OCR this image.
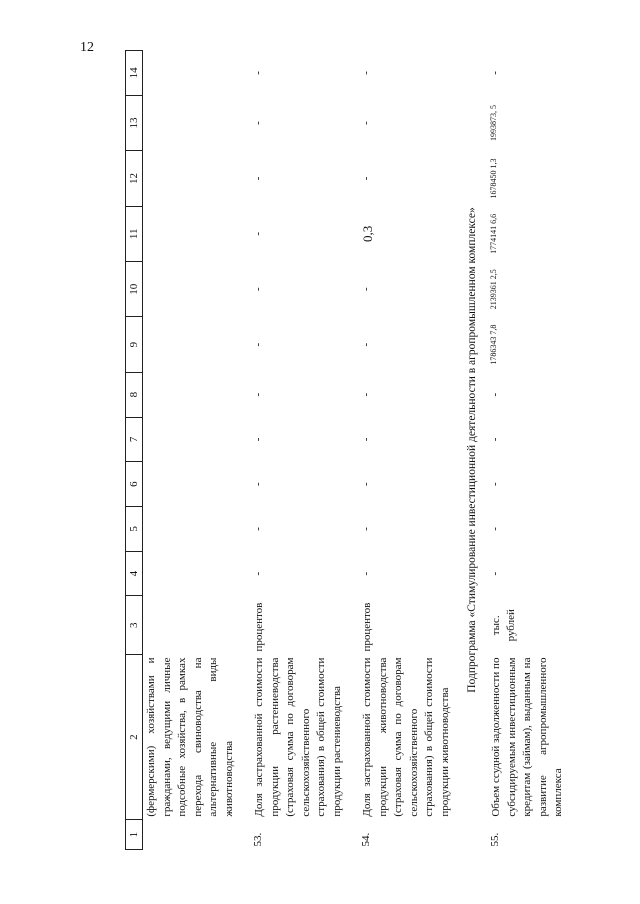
12
1	2	3	4	5	6	7	8	9	10	11	12	13	14
	(фермерскими) хозяйствами и гражданами, ведущими личные подсобные хозяйства, в рамках перехода свиноводства на альтернативные виды животноводства												
53.	Доля застрахованной стоимости продукции растениеводства (страховая сумма по договорам сельскохозяйственного страхования) в общей стоимости продукции растениеводства	процентов	-	-	-	-	-	-	-	-	-	-	-
54.	Доля застрахованной стоимости продукции животноводства (страховая сумма по договорам сельскохозяйственного страхования) в общей стоимости продукции животноводства	процентов	-	-	-	-	-	-	-	0,3	-	-	-
Подпрограмма «Стимулирование инвестиционной деятельности в агропромышленном комплексе»													
55.	Объем ссудной задолженности по субсидируемым инвестиционным кредитам (займам), выданным на развитие агропромышленного комплекса	тыс. рублей	-	-	-	-	-	1786343 7,8	2139361 2,5	1774141 6,6	1678450 1,3	1993873, 5	-
